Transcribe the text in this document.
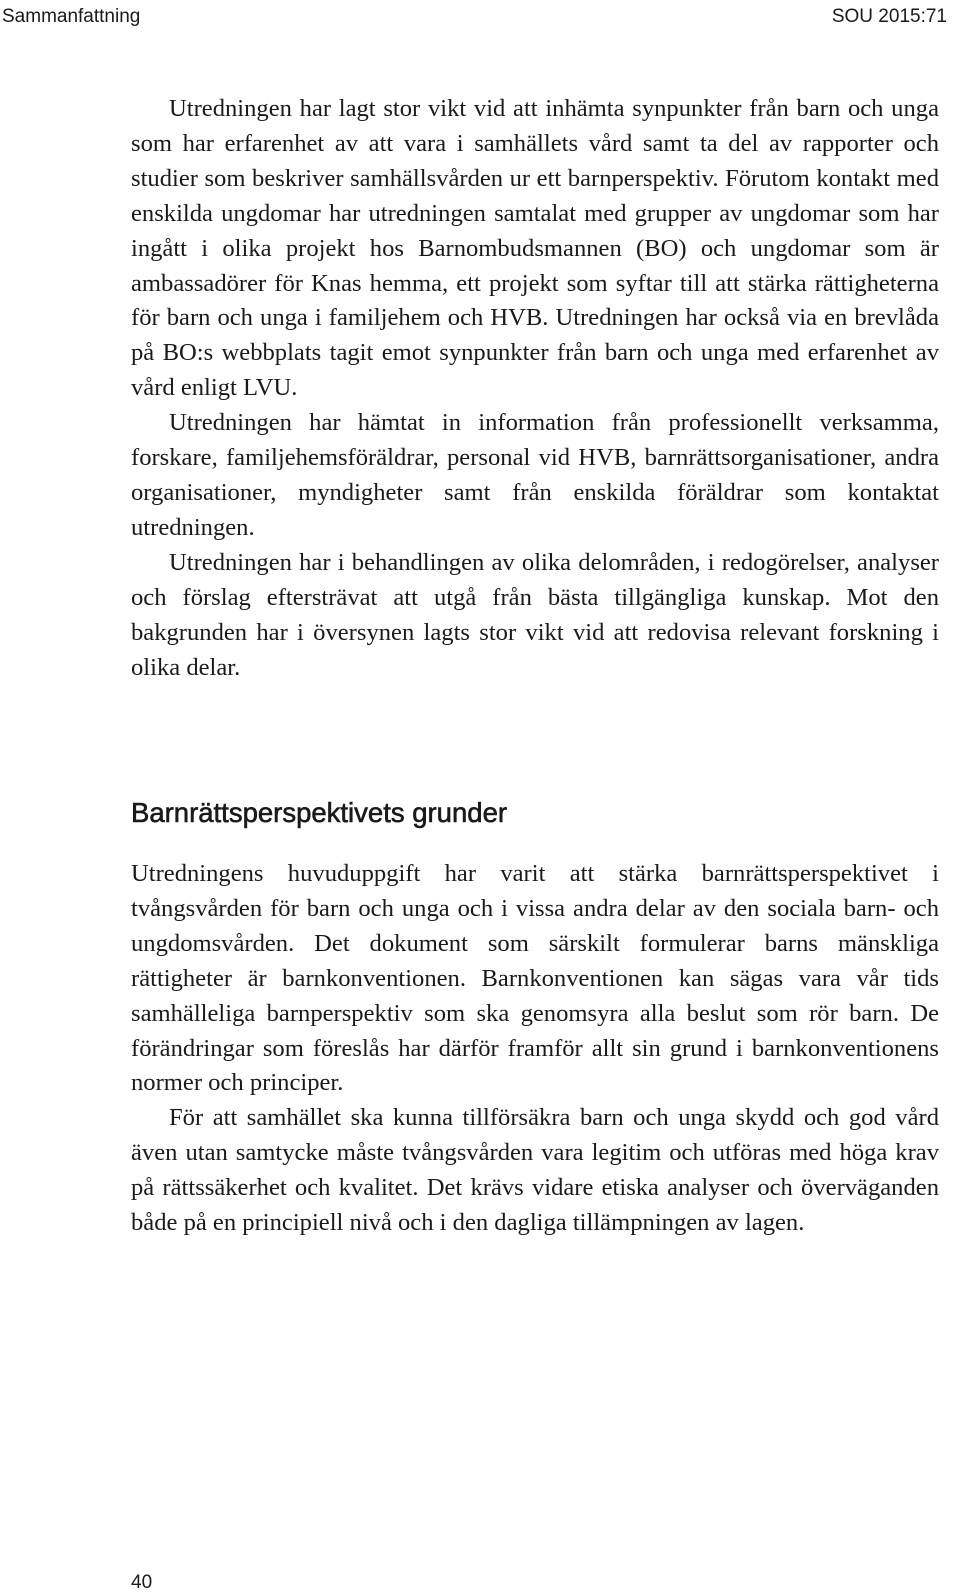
Sammanfattning	SOU 2015:71

Utredningen har lagt stor vikt vid att inhämta synpunkter från barn och unga som har erfarenhet av att vara i samhällets vård samt ta del av rapporter och studier som beskriver samhällsvården ur ett barnperspektiv. Förutom kontakt med enskilda ungdomar har utredningen samtalat med grupper av ungdomar som har ingått i olika projekt hos Barnombudsmannen (BO) och ungdomar som är ambassadörer för Knas hemma, ett projekt som syftar till att stärka rättigheterna för barn och unga i familjehem och HVB. Utredningen har också via en brevlåda på BO:s webbplats tagit emot synpunkter från barn och unga med erfarenhet av vård enligt LVU.

Utredningen har hämtat in information från professionellt verksamma, forskare, familjehemsföräldrar, personal vid HVB, barnrättsorganisationer, andra organisationer, myndigheter samt från enskilda föräldrar som kontaktat utredningen.

Utredningen har i behandlingen av olika delområden, i redogörelser, analyser och förslag eftersträvat att utgå från bästa tillgängliga kunskap. Mot den bakgrunden har i översynen lagts stor vikt vid att redovisa relevant forskning i olika delar.

Barnrättsperspektivets grunder

Utredningens huvuduppgift har varit att stärka barnrättsperspektivet i tvångsvården för barn och unga och i vissa andra delar av den sociala barn- och ungdomsvården. Det dokument som särskilt formulerar barns mänskliga rättigheter är barnkonventionen. Barnkonventionen kan sägas vara vår tids samhälleliga barnperspektiv som ska genomsyra alla beslut som rör barn. De förändringar som föreslås har därför framför allt sin grund i barnkonventionens normer och principer.

För att samhället ska kunna tillförsäkra barn och unga skydd och god vård även utan samtycke måste tvångsvården vara legitim och utföras med höga krav på rättssäkerhet och kvalitet. Det krävs vidare etiska analyser och överväganden både på en principiell nivå och i den dagliga tillämpningen av lagen.

40
